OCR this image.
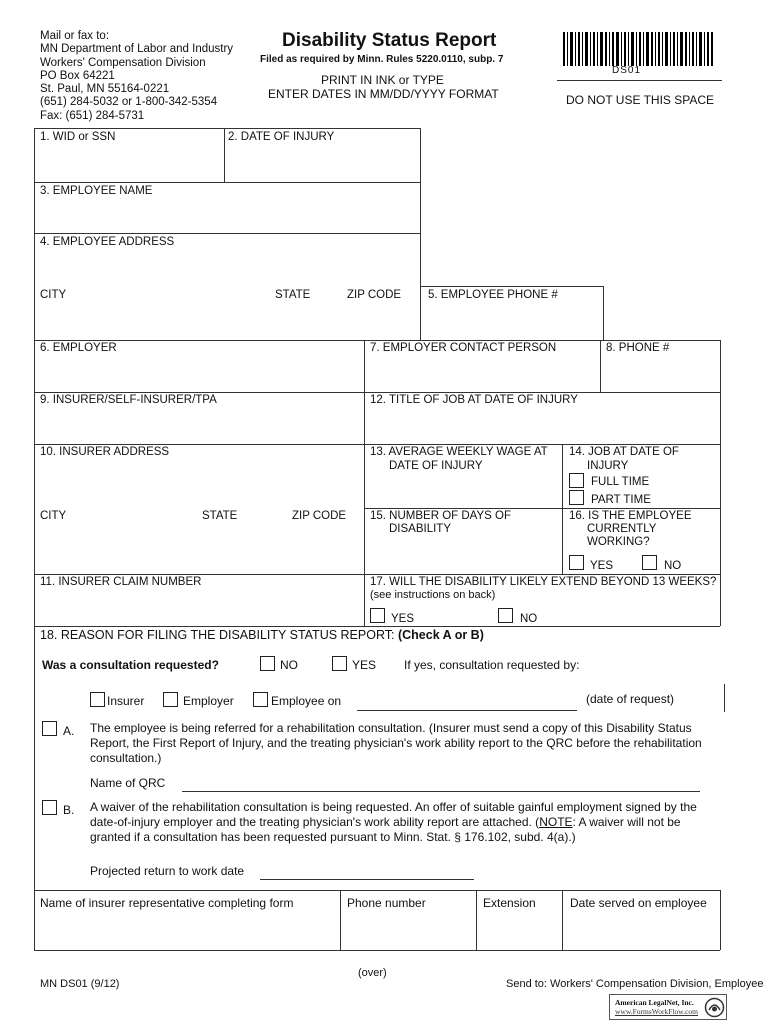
Mail or fax to:
MN Department of Labor and Industry
Workers' Compensation Division
PO Box 64221
St. Paul, MN 55164-0221
(651) 284-5032 or 1-800-342-5354
Fax: (651) 284-5731
Disability Status Report
Filed as required by Minn. Rules 5220.0110, subp. 7
PRINT IN INK or TYPE
ENTER DATES IN MM/DD/YYYY FORMAT
DS01
DO NOT USE THIS SPACE
1. WID or SSN	2. DATE OF INJURY
3. EMPLOYEE NAME
4. EMPLOYEE ADDRESS
CITY	STATE	ZIP CODE 5. EMPLOYEE PHONE #
6. EMPLOYER	7. EMPLOYER CONTACT PERSON	8. PHONE #
9. INSURER/SELF-INSURER/TPA	12. TITLE OF JOB AT DATE OF INJURY
10. INSURER ADDRESS	13. AVERAGE WEEKLY WAGE AT
DATE OF INJURY
14. JOB AT DATE OF
INJURY
FULL TIME
PART TIME
CITY	STATE	ZIP CODE 15. NUMBER OF DAYS OF
DISABILITY
16. IS THE EMPLOYEE
CURRENTLY
WORKING?
YES	NO
11. INSURER CLAIM NUMBER	17. WILL THE DISABILITY LIKELY EXTEND BEYOND 13 WEEKS?
(see instructions on back)
YES	NO
18. REASON FOR FILING THE DISABILITY STATUS REPORT: (Check A or B)
Was a consultation requested?	NO	YES If yes, consultation requested by:
Insurer	Employer	Employee on	(date of request)
A. The employee is being referred for a rehabilitation consultation. (Insurer must send a copy of this Disability Status Report, the First Report of Injury, and the treating physician's work ability report to the QRC before the rehabilitation consultation.)
Name of QRC
B. A waiver of the rehabilitation consultation is being requested. An offer of suitable gainful employment signed by the date-of-injury employer and the treating physician's work ability report are attached. (NOTE: A waiver will not be granted if a consultation has been requested pursuant to Minn. Stat. § 176.102, subd. 4(a).)
Projected return to work date
Name of insurer representative completing form	Phone number	Extension	Date served on employee
(over)
MN DS01 (9/12)	Send to: Workers' Compensation Division, Employee
American LegalNet, Inc.
www.FormsWorkFlow.com
